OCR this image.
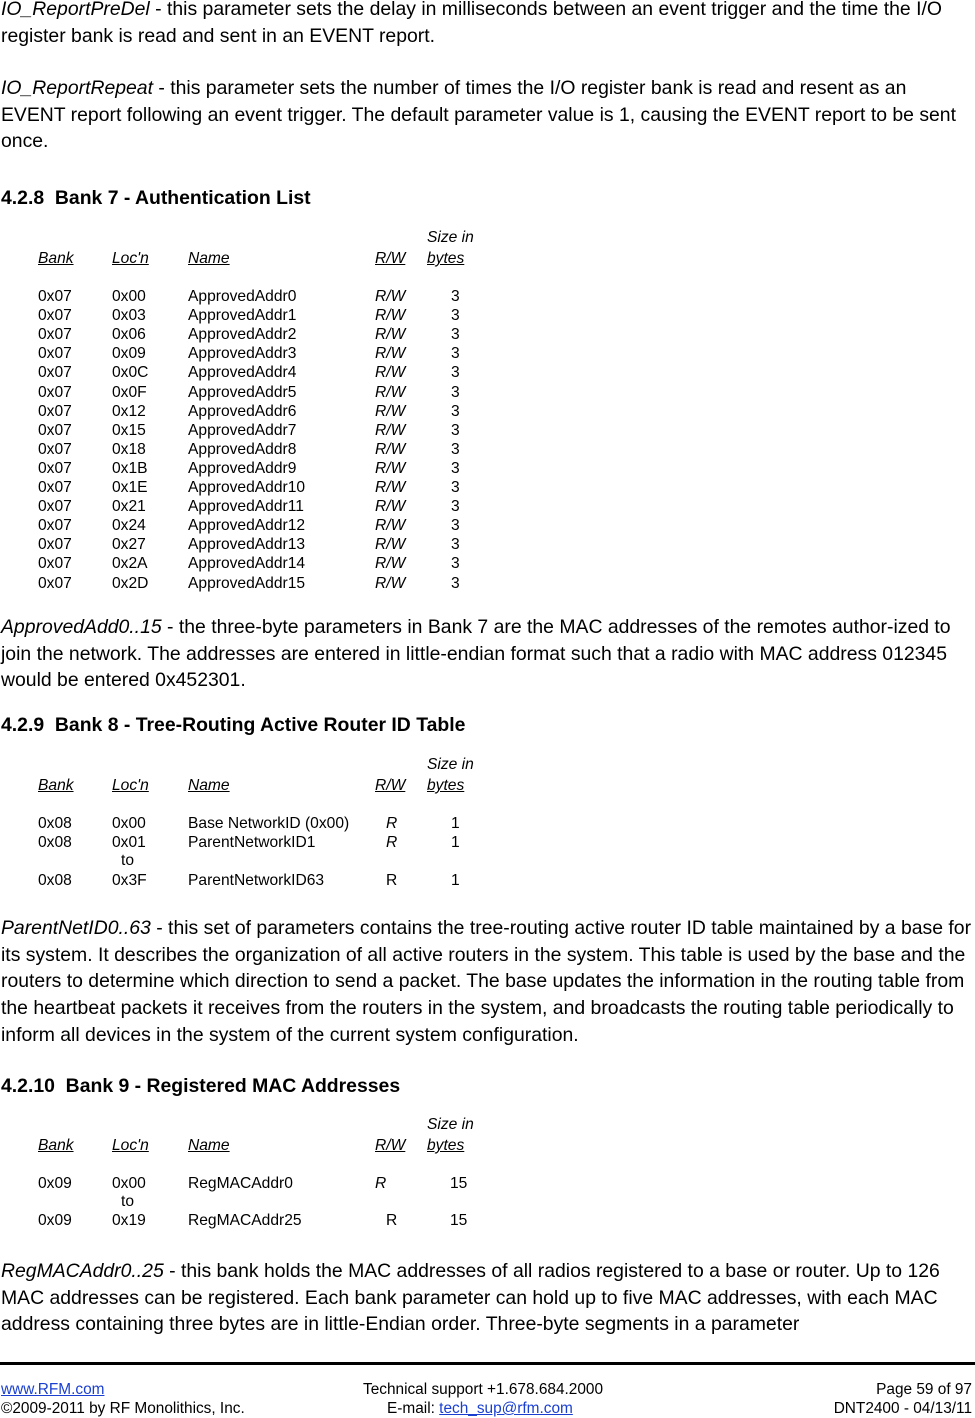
IO_ReportPreDel - this parameter sets the delay in milliseconds between an event trigger and the time the I/O register bank is read and sent in an EVENT report.

IO_ReportRepeat - this parameter sets the number of times the I/O register bank is read and resent as an EVENT report following an event trigger. The default parameter value is 1, causing the EVENT report to be sent once.

4.2.8  Bank 7 - Authentication List
Size in
Bank Loc'n	Name	R/W bytes
0x07	0x00	ApprovedAddr0	R/W	3
0x07	0x03	ApprovedAddr1	R/W	3
0x07	0x06	ApprovedAddr2	R/W	3
0x07	0x09	ApprovedAddr3	R/W	3
0x07	0x0C	ApprovedAddr4	R/W	3
0x07	0x0F	ApprovedAddr5	R/W	3
0x07	0x12	ApprovedAddr6	R/W	3
0x07	0x15	ApprovedAddr7	R/W	3
0x07	0x18	ApprovedAddr8	R/W	3
0x07	0x1B	ApprovedAddr9	R/W	3
0x07	0x1E	ApprovedAddr10	R/W	3
0x07	0x21	ApprovedAddr11	R/W	3
0x07	0x24	ApprovedAddr12	R/W	3
0x07	0x27	ApprovedAddr13	R/W	3
0x07	0x2A	ApprovedAddr14	R/W	3
0x07	0x2D	ApprovedAddr15	R/W	3

ApprovedAdd0..15 - the three-byte parameters in Bank 7 are the MAC addresses of the remotes author-ized to join the network. The addresses are entered in little-endian format such that a radio with MAC address 012345 would be entered 0x452301.

4.2.9  Bank 8 - Tree-Routing Active Router ID Table
Size in
Bank Loc'n	Name	R/W bytes
0x08	0x00	Base NetworkID (0x00) R	1
0x08	0x01	ParentNetworkID1	R	1
to
0x08	0x3F	ParentNetworkID63	R	1

ParentNetID0..63 - this set of parameters contains the tree-routing active router ID table maintained by a base for its system. It describes the organization of all active routers in the system. This table is used by the base and the routers to determine which direction to send a packet. The base updates the information in the routing table from the heartbeat packets it receives from the routers in the system, and broadcasts the routing table periodically to inform all devices in the system of the current system configuration.

4.2.10  Bank 9 - Registered MAC Addresses
Size in
Bank Loc'n	Name	R/W bytes
0x09	0x00	RegMACAddr0	R	15
to
0x09	0x19	RegMACAddr25	R	15

RegMACAddr0..25 - this bank holds the MAC addresses of all radios registered to a base or router. Up to 126 MAC addresses can be registered. Each bank parameter can hold up to five MAC addresses, with each MAC address containing three bytes are in little-Endian order. Three-byte segments in a parameter

www.RFM.com
©2009-2011 by RF Monolithics, Inc.
Technical support +1.678.684.2000
E-mail: tech_sup@rfm.com
Page 59 of 97
DNT2400 - 04/13/11
